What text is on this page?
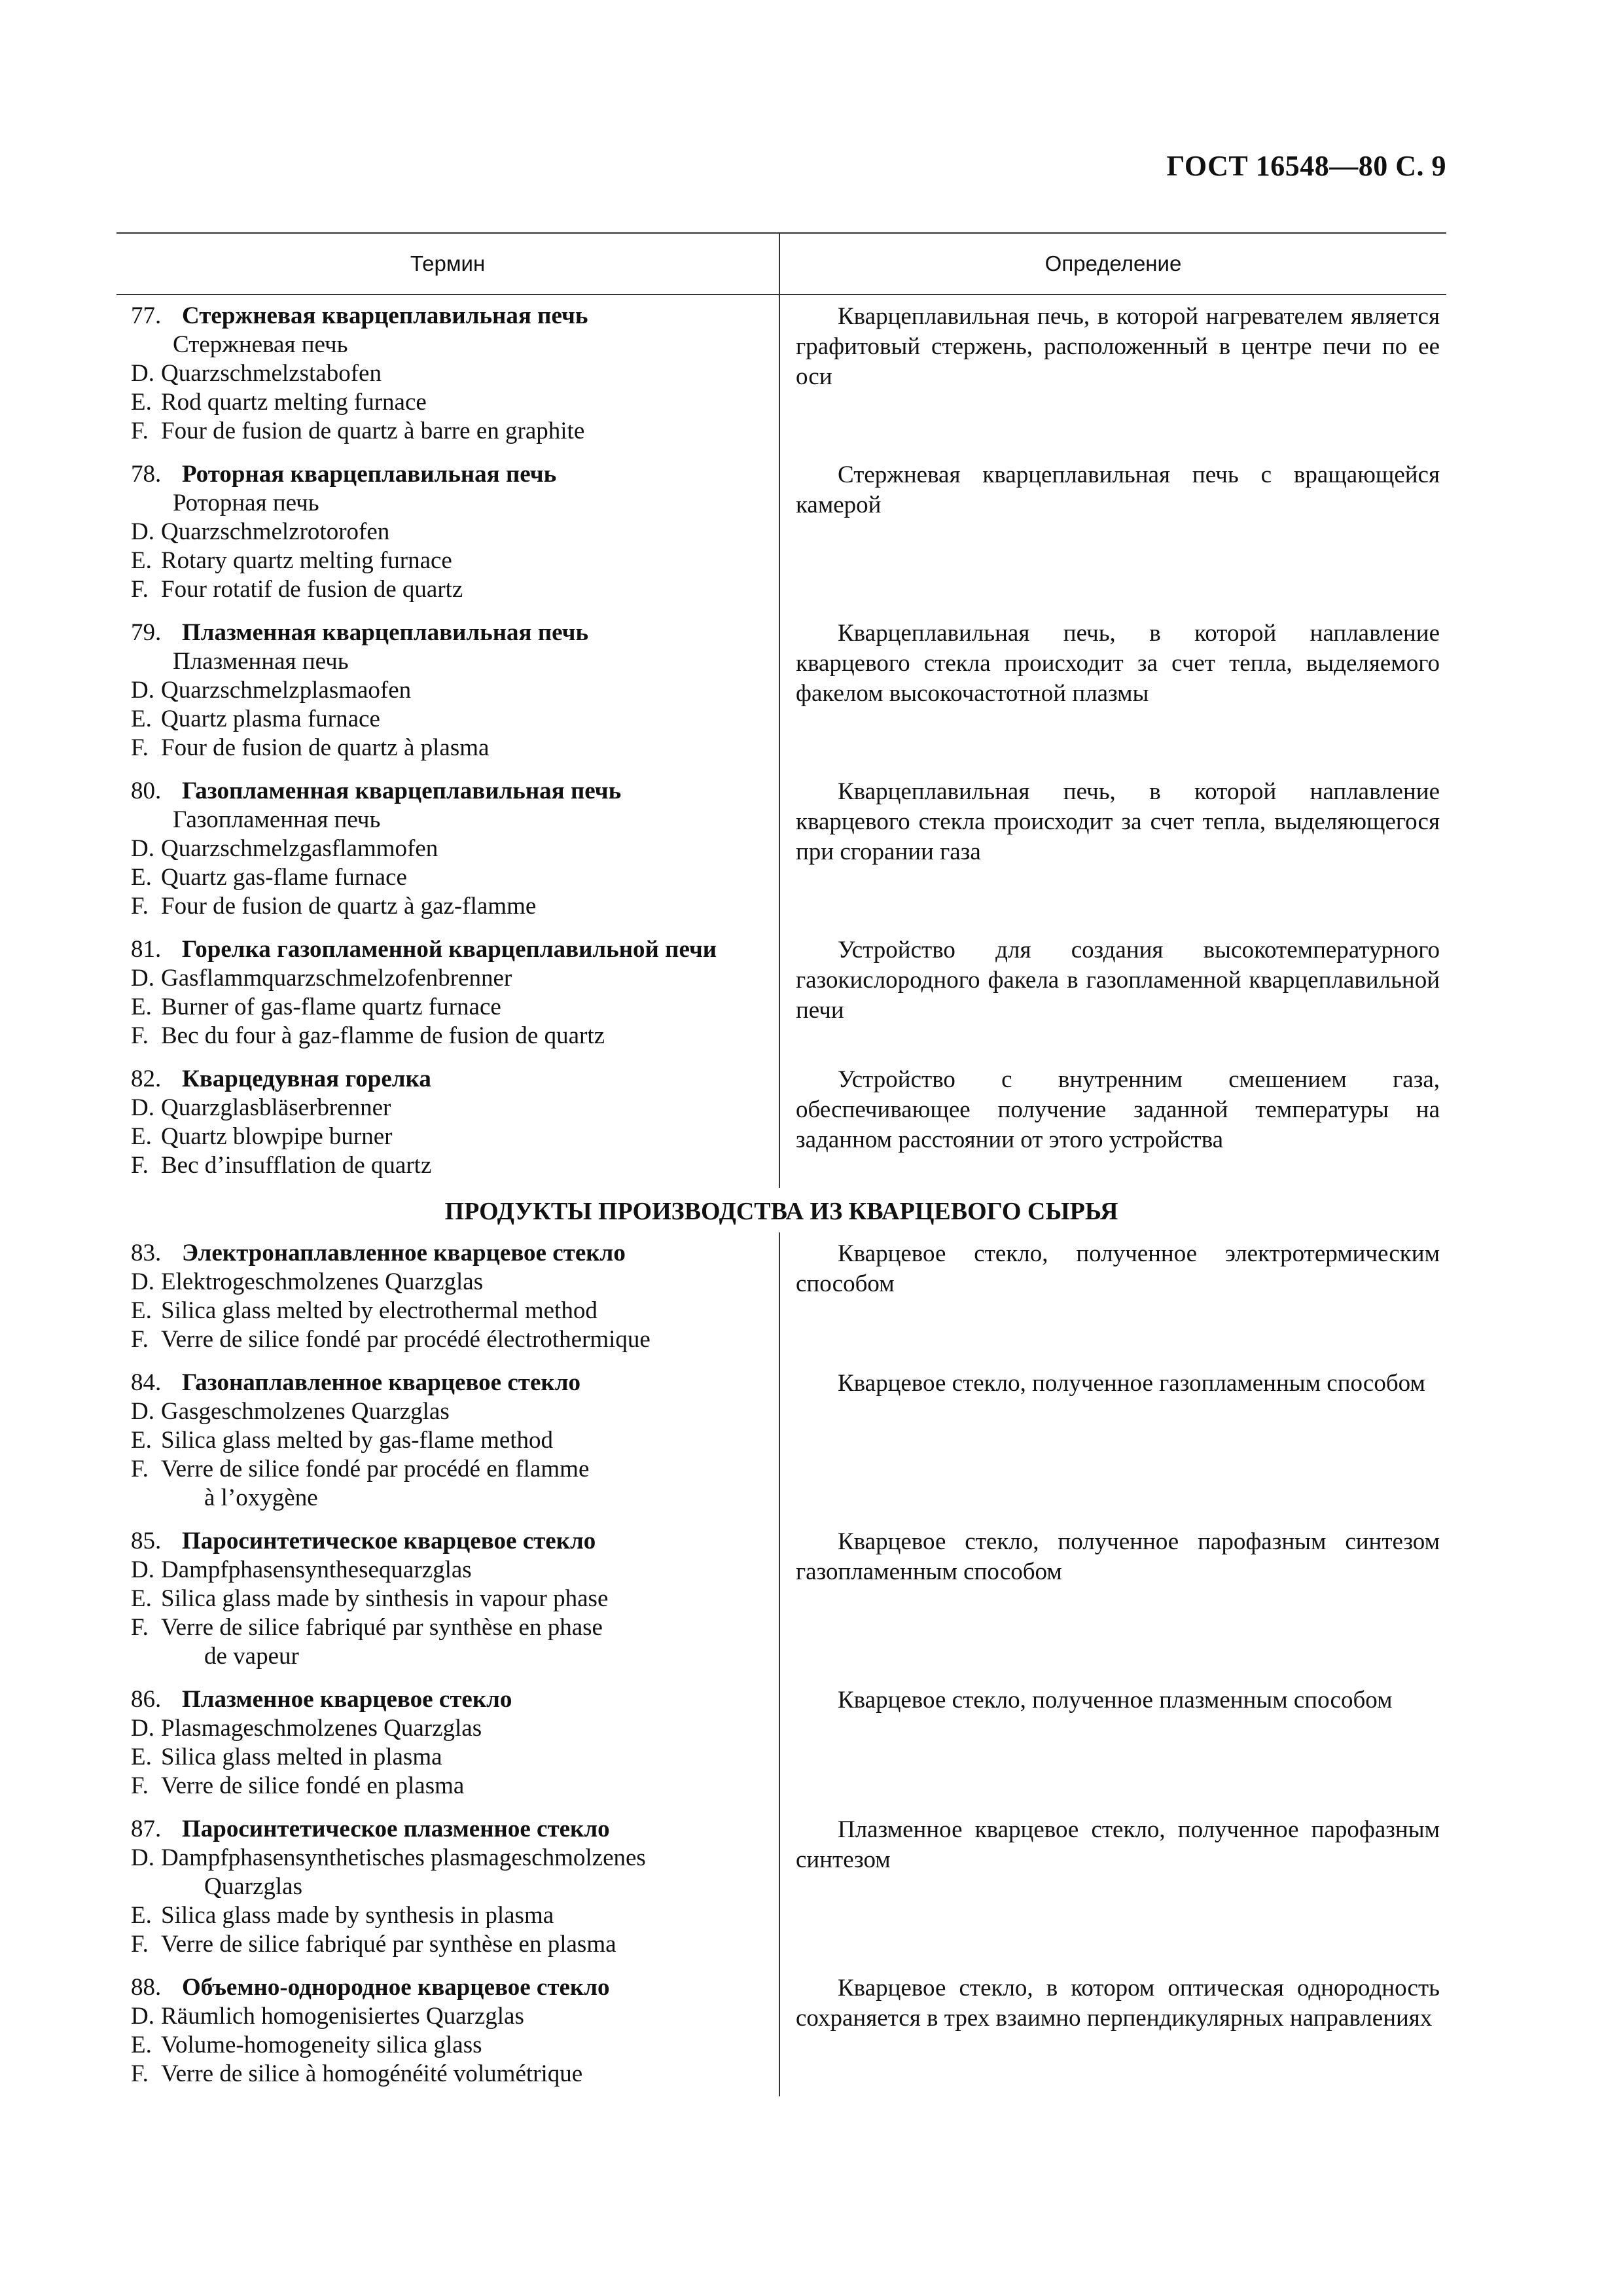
ГОСТ 16548—80 С. 9
Термин	Определение
77. Стержневая кварцеплавильная печь
Стержневая печь
D. Quarzschmelzstabofen
E. Rod quartz melting furnace
F. Four de fusion de quartz à barre en graphite
Кварцеплавильная печь, в которой нагревателем является графитовый стержень, расположенный в центре печи по ее оси
78. Роторная кварцеплавильная печь
Роторная печь
D. Quarzschmelzrotorofen
E. Rotary quartz melting furnace
F. Four rotatif de fusion de quartz
Стержневая кварцеплавильная печь с вращающейся камерой
79. Плазменная кварцеплавильная печь
Плазменная печь
D. Quarzschmelzplasmaofen
E. Quartz plasma furnace
F. Four de fusion de quartz à plasma
Кварцеплавильная печь, в которой наплавление кварцевого стекла происходит за счет тепла, выделяемого факелом высокочастотной плазмы
80. Газопламенная кварцеплавильная печь
Газопламенная печь
D. Quarzschmelzgasflammofen
E. Quartz gas-flame furnace
F. Four de fusion de quartz à gaz-flamme
Кварцеплавильная печь, в которой наплавление кварцевого стекла происходит за счет тепла, выделяющегося при сгорании газа
81. Горелка газопламенной кварцеплавильной печи
D. Gasflammquarzschmelzofenbrenner
E. Burner of gas-flame quartz furnace
F. Bec du four à gaz-flamme de fusion de quartz
Устройство для создания высокотемпературного газокислородного факела в газопламенной кварцеплавильной печи
82. Кварцедувная горелка
D. Quarzglasbläserbrenner
E. Quartz blowpipe burner
F. Bec d’insufflation de quartz
Устройство с внутренним смешением газа, обеспечивающее получение заданной температуры на заданном расстоянии от этого устройства
ПРОДУКТЫ ПРОИЗВОДСТВА ИЗ КВАРЦЕВОГО СЫРЬЯ
83. Электронаплавленное кварцевое стекло
D. Elektrogeschmolzenes Quarzglas
E. Silica glass melted by electrothermal method
F. Verre de silice fondé par procédé électrothermique
Кварцевое стекло, полученное электротермическим способом
84. Газонаплавленное кварцевое стекло
D. Gasgeschmolzenes Quarzglas
E. Silica glass melted by gas-flame method
F. Verre de silice fondé par procédé en flamme
à l’oxygène
Кварцевое стекло, полученное газопламенным способом
85. Паросинтетическое кварцевое стекло
D. Dampfphasensynthesequarzglas
E. Silica glass made by sinthesis in vapour phase
F. Verre de silice fabriqué par synthèse en phase
de vapeur
Кварцевое стекло, полученное парофазным синтезом газопламенным способом
86. Плазменное кварцевое стекло
D. Plasmageschmolzenes Quarzglas
E. Silica glass melted in plasma
F. Verre de silice fondé en plasma
Кварцевое стекло, полученное плазменным способом
87. Паросинтетическое плазменное стекло
D. Dampfphasensynthetisches plasmageschmolzenes
Quarzglas
E. Silica glass made by synthesis in plasma
F. Verre de silice fabriqué par synthèse en plasma
Плазменное кварцевое стекло, полученное парофазным синтезом
88. Объемно-однородное кварцевое стекло
D. Räumlich homogenisiertes Quarzglas
E. Volume-homogeneity silica glass
F. Verre de silice à homogénéité volumétrique
Кварцевое стекло, в котором оптическая однородность сохраняется в трех взаимно перпендикулярных направлениях
